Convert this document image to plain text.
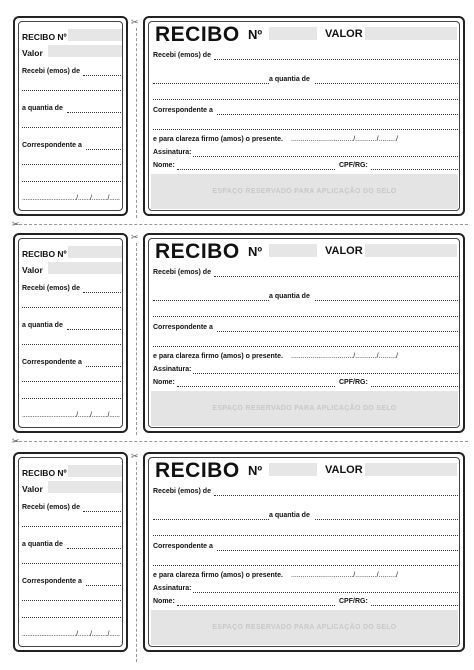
RECIBO Nº
Valor
Recebi (emos) de
a quantia de
Correspondente a
.............................../......./........./......
RECIBO Nº	VALOR
Recebi (emos) de
a quantia de
Correspondente a
e para clareza firmo (amos) o presente. ................................/.........../........./
Assinatura:
Nome:	CPF/RG:
ESPAÇO RESERVADO PARA APLICAÇÃO DO SELO
RECIBO Nº
Valor
Recebi (emos) de
a quantia de
Correspondente a
.............................../......./........./......
RECIBO Nº	VALOR
Recebi (emos) de
a quantia de
Correspondente a
e para clareza firmo (amos) o presente. ................................/.........../........./
Assinatura:
Nome:	CPF/RG:
ESPAÇO RESERVADO PARA APLICAÇÃO DO SELO
RECIBO Nº
Valor
Recebi (emos) de
a quantia de
Correspondente a
.............................../......./........./......
RECIBO Nº	VALOR
Recebi (emos) de
a quantia de
Correspondente a
e para clareza firmo (amos) o presente. ................................/.........../........./
Assinatura:
Nome:	CPF/RG:
ESPAÇO RESERVADO PARA APLICAÇÃO DO SELO
✂
✂
✂
✂
✂
